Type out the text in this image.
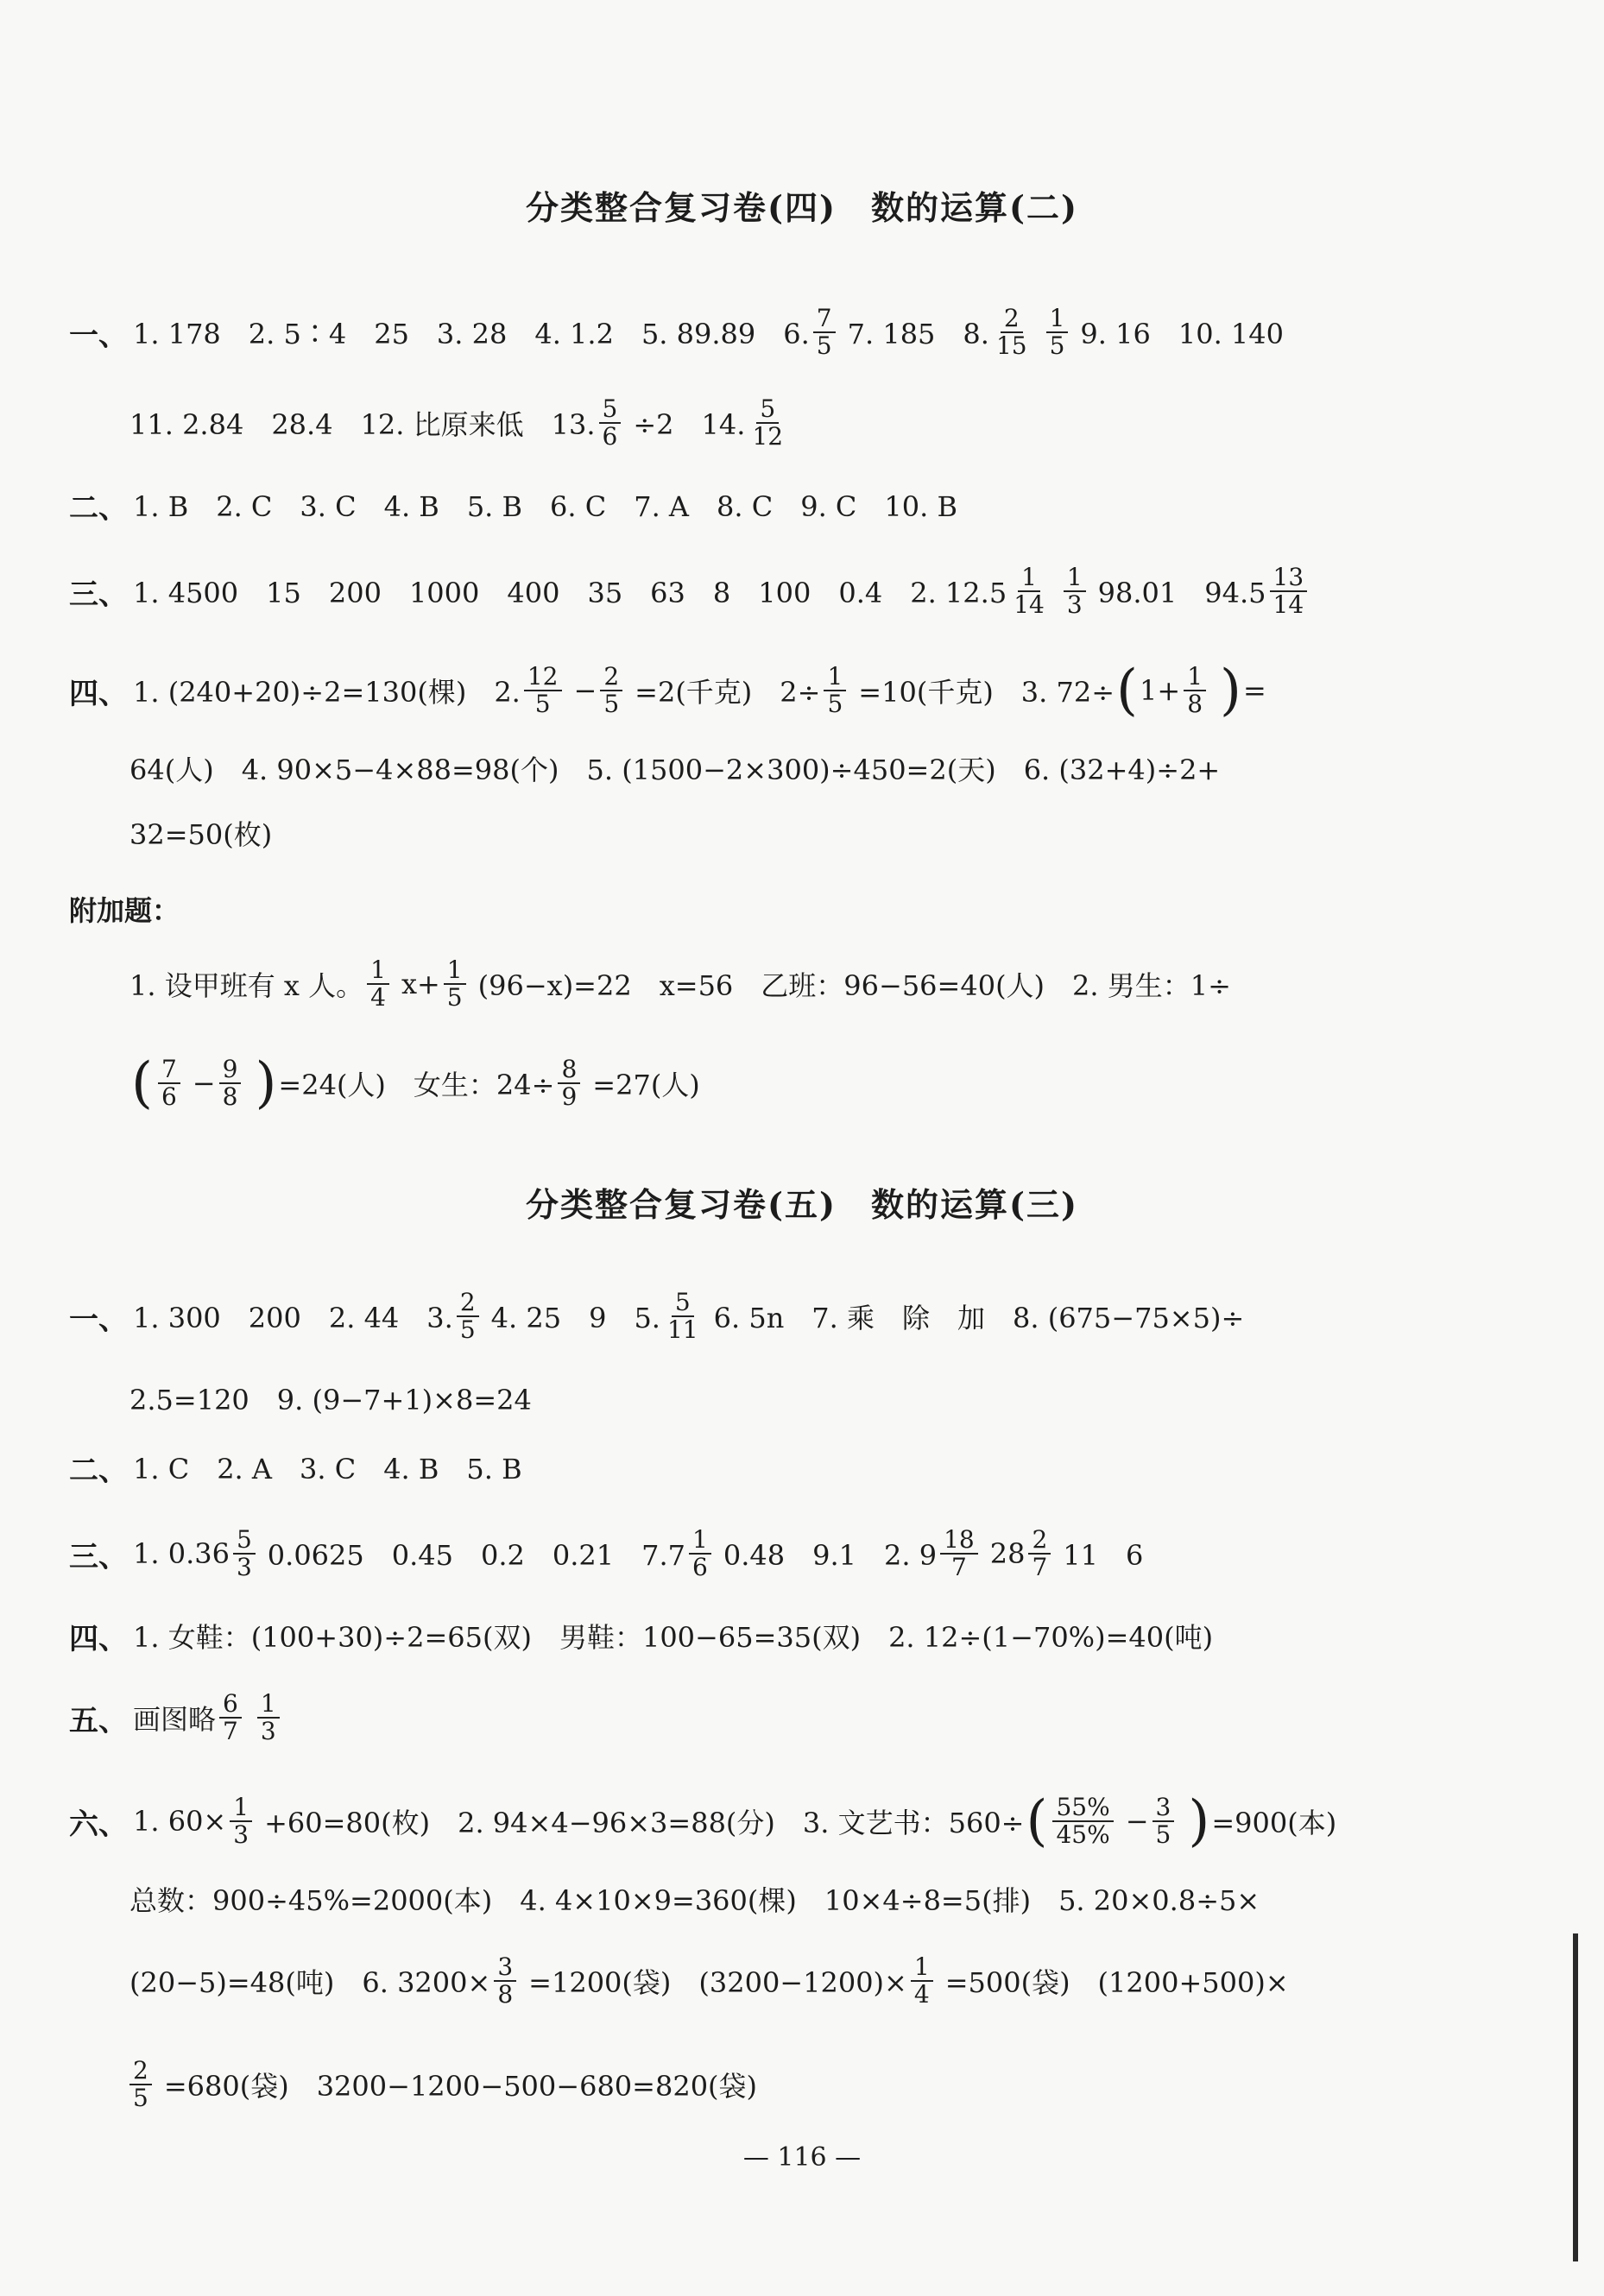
分类整合复习卷(四)　数的运算(二)
一、 1. 178　2. 5∶4　25　3. 28　4. 1.2　5. 89.89　6. $\frac{7}{5} 7$. 185　8. $\frac{2}{15} \frac{1}{5} 9$. 16　10. 140
11. 2.84　28.4　12. 比原来低　13. $\frac{5}{6} \div 2$　14. $\frac{5}{12}$
二、 1. B　2. C　3. C　4. B　5. B　6. C　7. A　8. C　9. C　10. B
三、 1. 4500　15　200　1000　400　35　63　8　100　0.4　2. $12.5 \frac{1}{14} \frac{1}{3} 98.01$　$94.5 \frac{13}{14}$
四、 1. (240+20)÷2=130(棵)　2. $\frac{12}{5} - \frac{2}{5} =2$(千克)　$2\div \frac{1}{5} =10$(千克)　3. 72÷ ( $1+ \frac{1}{8}$ ) =
64(人)　4. 90×5−4×88=98(个)　5. (1500−2×300)÷450=2(天)　6. (32+4)÷2+
32=50(枚)
附加题：
1. 设甲班有 x 人。 $\frac{1}{4} x+ \frac{1}{5} (96-x)=22$　x=56　乙班：96−56=40(人)　2. 男生：1÷
( $\frac{7}{6} - \frac{9}{8}$ ) =24(人)　女生：$24\div \frac{8}{9} =27$(人)
分类整合复习卷(五)　数的运算(三)
一、 1. 300　200　2. 44　3. $\frac{2}{5} 4$. 25　9　5. $\frac{5}{11} 6$. 5n　7. 乘　除　加　8. (675−75×5)÷
2.5=120　9. (9−7+1)×8=24
二、 1. C　2. A　3. C　4. B　5. B
三、 1. $0.36 \frac{5}{3} 0.0625$　0.45　0.2　0.21　$7.7 \frac{1}{6} 0.48$　9.1　2. $9 \frac{18}{7} 28 \frac{2}{7} 11$　6
四、 1. 女鞋：(100+30)÷2=65(双)　男鞋：100−65=35(双)　2. 12÷(1−70%)=40(吨)
五、 画图略 $\frac{6}{7} \frac{1}{3}$
六、 1. $60\times \frac{1}{3} +60=80$(枚)　2. 94×4−96×3=88(分)　3. 文艺书：560÷ ( $\frac{55\%}{45\%} - \frac{3}{5}$ ) =900(本)
总数：900÷45%=2000(本)　4. 4×10×9=360(棵)　10×4÷8=5(排)　5. 20×0.8÷5×
(20−5)=48(吨)　6. $3200\times \frac{3}{8} =1200$(袋)　$(3200-1200)\times \frac{1}{4} =500$(袋)　(1200+500)×
$\frac{2}{5} =680$(袋)　3200−1200−500−680=820(袋)
— 116 —
